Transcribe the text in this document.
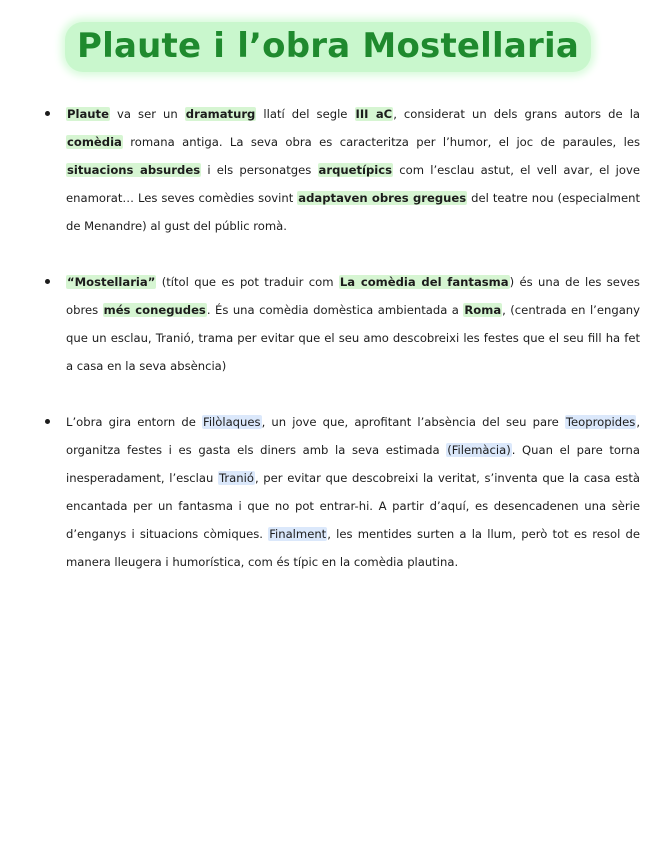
Plaute i l’obra Mostellaria
Plaute va ser un dramaturg llatí del segle III aC, considerat un dels grans autors de la comèdia romana antiga. La seva obra es caracteritza per l’humor, el joc de paraules, les situacions absurdes i els personatges arquetípics com l’esclau astut, el vell avar, el jove enamorat… Les seves comèdies sovint adaptaven obres gregues del teatre nou (especialment de Menandre) al gust del públic romà.
“Mostellaria” (títol que es pot traduir com La comèdia del fantasma) és una de les seves obres més conegudes. És una comèdia domèstica ambientada a Roma, (centrada en l’engany que un esclau, Tranió, trama per evitar que el seu amo descobreixi les festes que el seu fill ha fet a casa en la seva absència)
L’obra gira entorn de Filòlaques, un jove que, aprofitant l’absència del seu pare Teopropides, organitza festes i es gasta els diners amb la seva estimada (Filemàcia). Quan el pare torna inesperadament, l’esclau Tranió, per evitar que descobreixi la veritat, s’inventa que la casa està encantada per un fantasma i que no pot entrar-hi. A partir d’aquí, es desencadenen una sèrie d’enganys i situacions còmiques. Finalment, les mentides surten a la llum, però tot es resol de manera lleugera i humorística, com és típic en la comèdia plautina.
